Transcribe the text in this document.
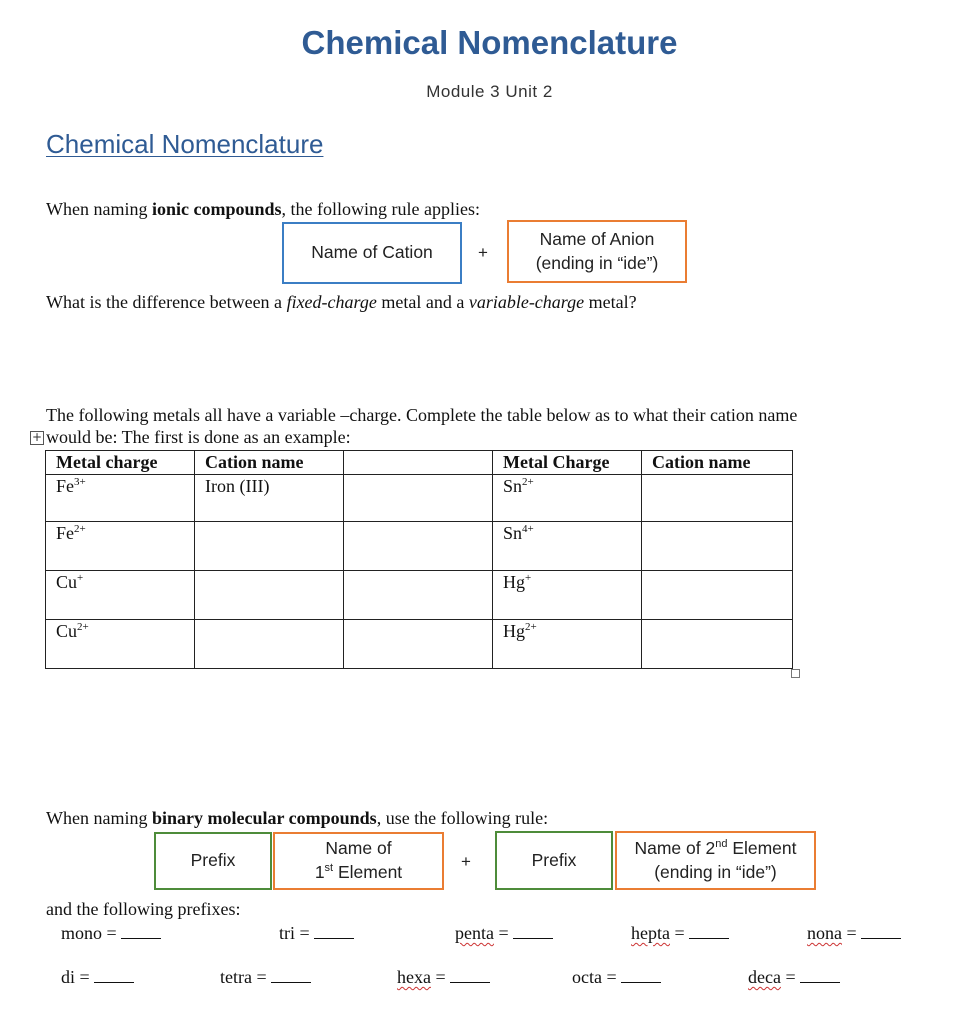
Chemical Nomenclature
Module 3 Unit 2
Chemical Nomenclature
When naming ionic compounds, the following rule applies:
Name of Cation	+
Name of Anion
(ending in “ide”)
What is the difference between a fixed-charge metal and a variable-charge metal?
The following metals all have a variable –charge. Complete the table below as to what their cation name
would be: The first is done as an example:
+
Metal charge	Cation name		Metal Charge	Cation name
$Fe^{3+}$	Iron (III)		$Sn^{2+}$	
$Fe^{2+}$			$Sn^{4+}$	
Cu+			Hg+	
$Cu^{2+}$			$Hg^{2+}$	
When naming binary molecular compounds, use the following rule:
Prefix
Name of
1st Element
+	Prefix
Name of 2nd Element
(ending in “ide”)
and the following prefixes:
mono =	tri =	penta =	hepta =	nona =
di =	tetra =	hexa =	octa =	deca =
